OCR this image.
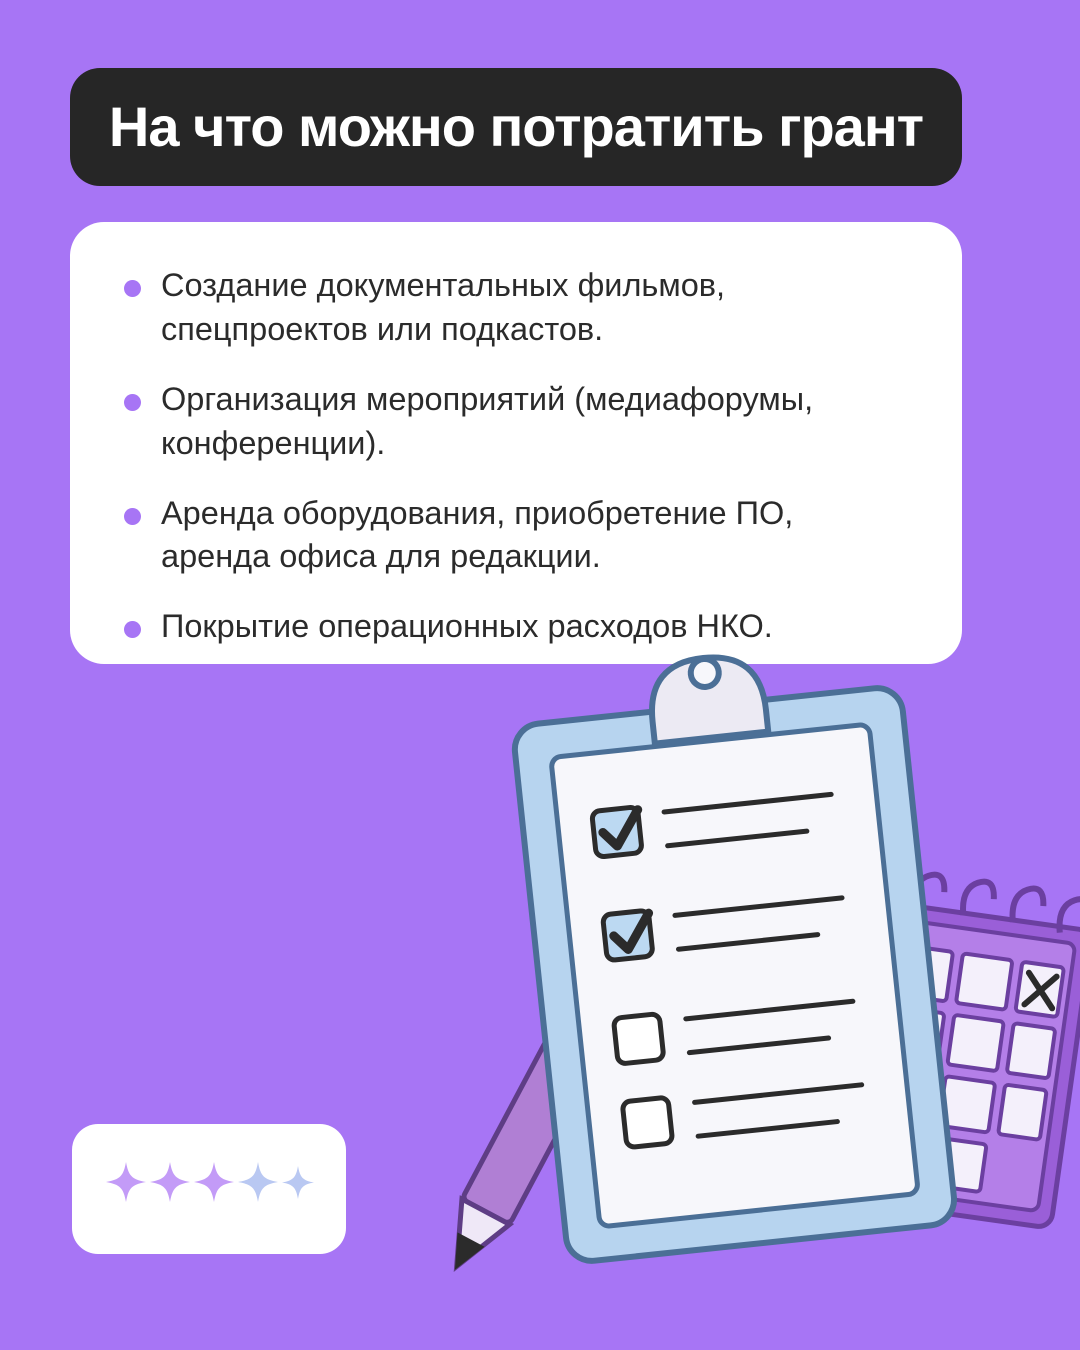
На что можно потратить грант
Создание документальных фильмов, спецпроектов или подкастов.
Организация мероприятий (медиафорумы, конференции).
Аренда оборудования, приобретение ПО, аренда офиса для редакции.
Покрытие операционных расходов НКО.
